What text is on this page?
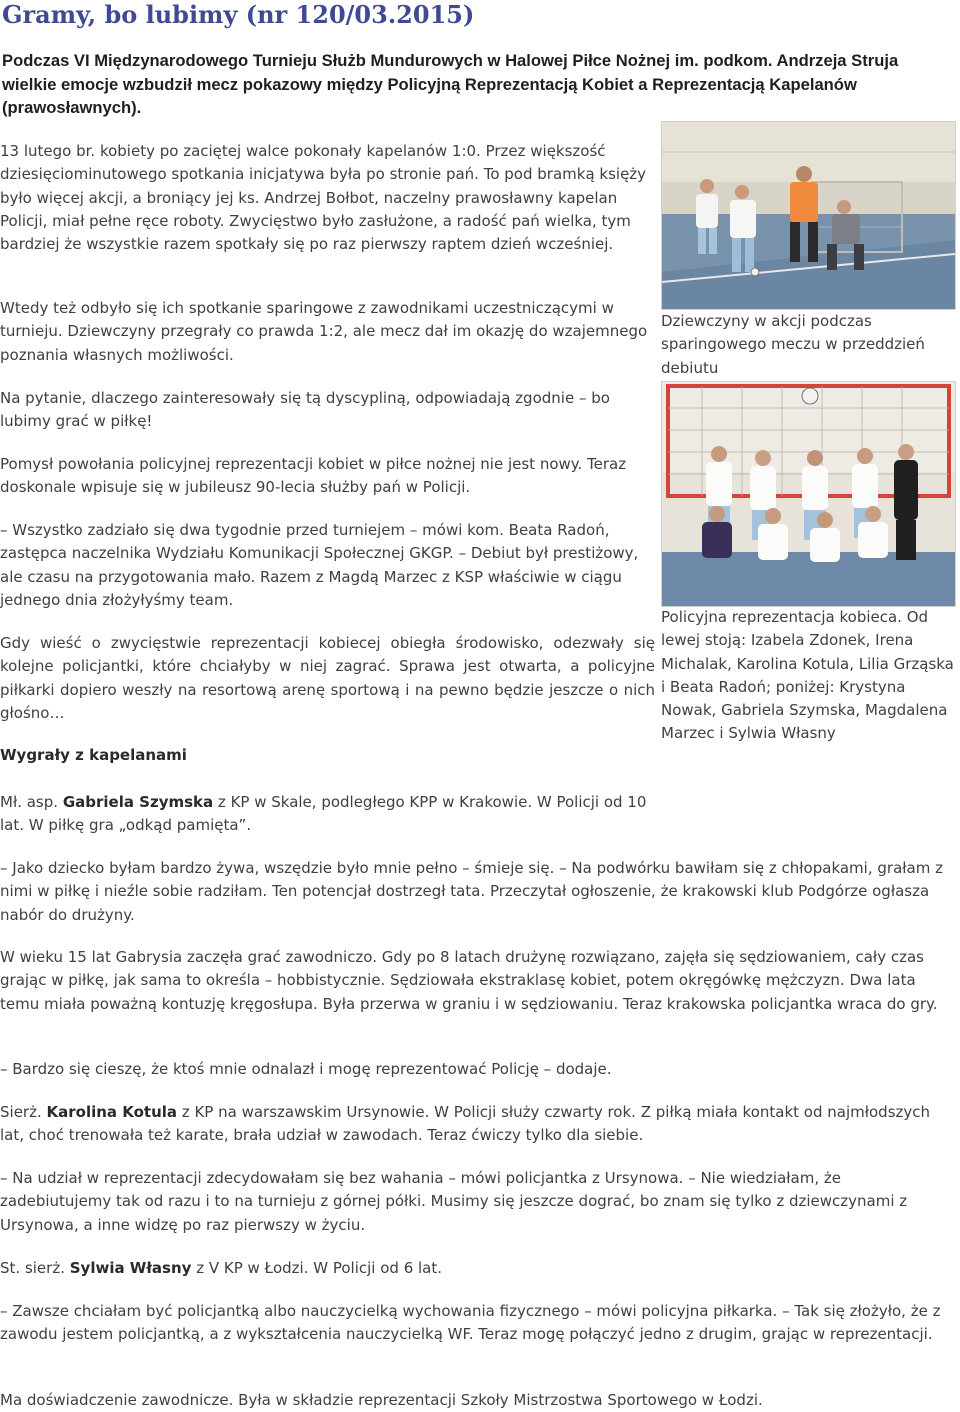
Gramy, bo lubimy (nr 120/03.2015)

Podczas VI Międzynarodowego Turnieju Służb Mundurowych w Halowej Piłce Nożnej im. podkom. Andrzeja Struja wielkie emocje wzbudził mecz pokazowy między Policyjną Reprezentacją Kobiet a Reprezentacją Kapelanów (prawosławnych).

13 lutego br. kobiety po zaciętej walce pokonały kapelanów 1:0. Przez większość dziesięciominutowego spotkania inicjatywa była po stronie pań. To pod bramką księży było więcej akcji, a broniący jej ks. Andrzej Bołbot, naczelny prawosławny kapelan Policji, miał pełne ręce roboty. Zwycięstwo było zasłużone, a radość pań wielka, tym bardziej że wszystkie razem spotkały się po raz pierwszy raptem dzień wcześniej.

Wtedy też odbyło się ich spotkanie sparingowe z zawodnikami uczestniczącymi w turnieju. Dziewczyny przegrały co prawda 1:2, ale mecz dał im okazję do wzajemnego poznania własnych możliwości.

Na pytanie, dlaczego zainteresowały się tą dyscypliną, odpowiadają zgodnie – bo lubimy grać w piłkę!

Pomysł powołania policyjnej reprezentacji kobiet w piłce nożnej nie jest nowy. Teraz doskonale wpisuje się w jubileusz 90-lecia służby pań w Policji.

– Wszystko zadziało się dwa tygodnie przed turniejem – mówi kom. Beata Radoń, zastępca naczelnika Wydziału Komunikacji Społecznej GKGP. – Debiut był prestiżowy, ale czasu na przygotowania mało. Razem z Magdą Marzec z KSP właściwie w ciągu jednego dnia złożyłyśmy team.

Gdy wieść o zwycięstwie reprezentacji kobiecej obiegła środowisko, odezwały się kolejne policjantki, które chciałyby w niej zagrać. Sprawa jest otwarta, a policyjne piłkarki dopiero weszły na resortową arenę sportową i na pewno będzie jeszcze o nich głośno…

Wygrały z kapelanami

Mł. asp. Gabriela Szymska z KP w Skale, podległego KPP w Krakowie. W Policji od 10 lat. W piłkę gra „odkąd pamięta”.

– Jako dziecko byłam bardzo żywa, wszędzie było mnie pełno – śmieje się. – Na podwórku bawiłam się z chłopakami, grałam z nimi w piłkę i nieźle sobie radziłam. Ten potencjał dostrzegł tata. Przeczytał ogłoszenie, że krakowski klub Podgórze ogłasza nabór do drużyny.

W wieku 15 lat Gabrysia zaczęła grać zawodniczo. Gdy po 8 latach drużynę rozwiązano, zajęła się sędziowaniem, cały czas grając w piłkę, jak sama to określa – hobbistycznie. Sędziowała ekstraklasę kobiet, potem okręgówkę mężczyzn. Dwa lata temu miała poważną kontuzję kręgosłupa. Była przerwa w graniu i w sędziowaniu. Teraz krakowska policjantka wraca do gry.

– Bardzo się cieszę, że ktoś mnie odnalazł i mogę reprezentować Policję – dodaje.

Sierż. Karolina Kotula z KP na warszawskim Ursynowie. W Policji służy czwarty rok. Z piłką miała kontakt od najmłodszych lat, choć trenowała też karate, brała udział w zawodach. Teraz ćwiczy tylko dla siebie.

– Na udział w reprezentacji zdecydowałam się bez wahania – mówi policjantka z Ursynowa. – Nie wiedziałam, że zadebiutujemy tak od razu i to na turnieju z górnej półki. Musimy się jeszcze dograć, bo znam się tylko z dziewczynami z Ursynowa, a inne widzę po raz pierwszy w życiu.

St. sierż. Sylwia Własny z V KP w Łodzi. W Policji od 6 lat.

– Zawsze chciałam być policjantką albo nauczycielką wychowania fizycznego – mówi policyjna piłkarka. – Tak się złożyło, że z zawodu jestem policjantką, a z wykształcenia nauczycielką WF. Teraz mogę połączyć jedno z drugim, grając w reprezentacji.

Ma doświadczenie zawodnicze. Była w składzie reprezentacji Szkoły Mistrzostwa Sportowego w Łodzi.

Dziewczyny w akcji podczas sparingowego meczu w przeddzień debiutu

Policyjna reprezentacja kobieca. Od lewej stoją: Izabela Zdonek, Irena Michalak, Karolina Kotula, Lilia Grząska i Beata Radoń; poniżej: Krystyna Nowak, Gabriela Szymska, Magdalena Marzec i Sylwia Własny
